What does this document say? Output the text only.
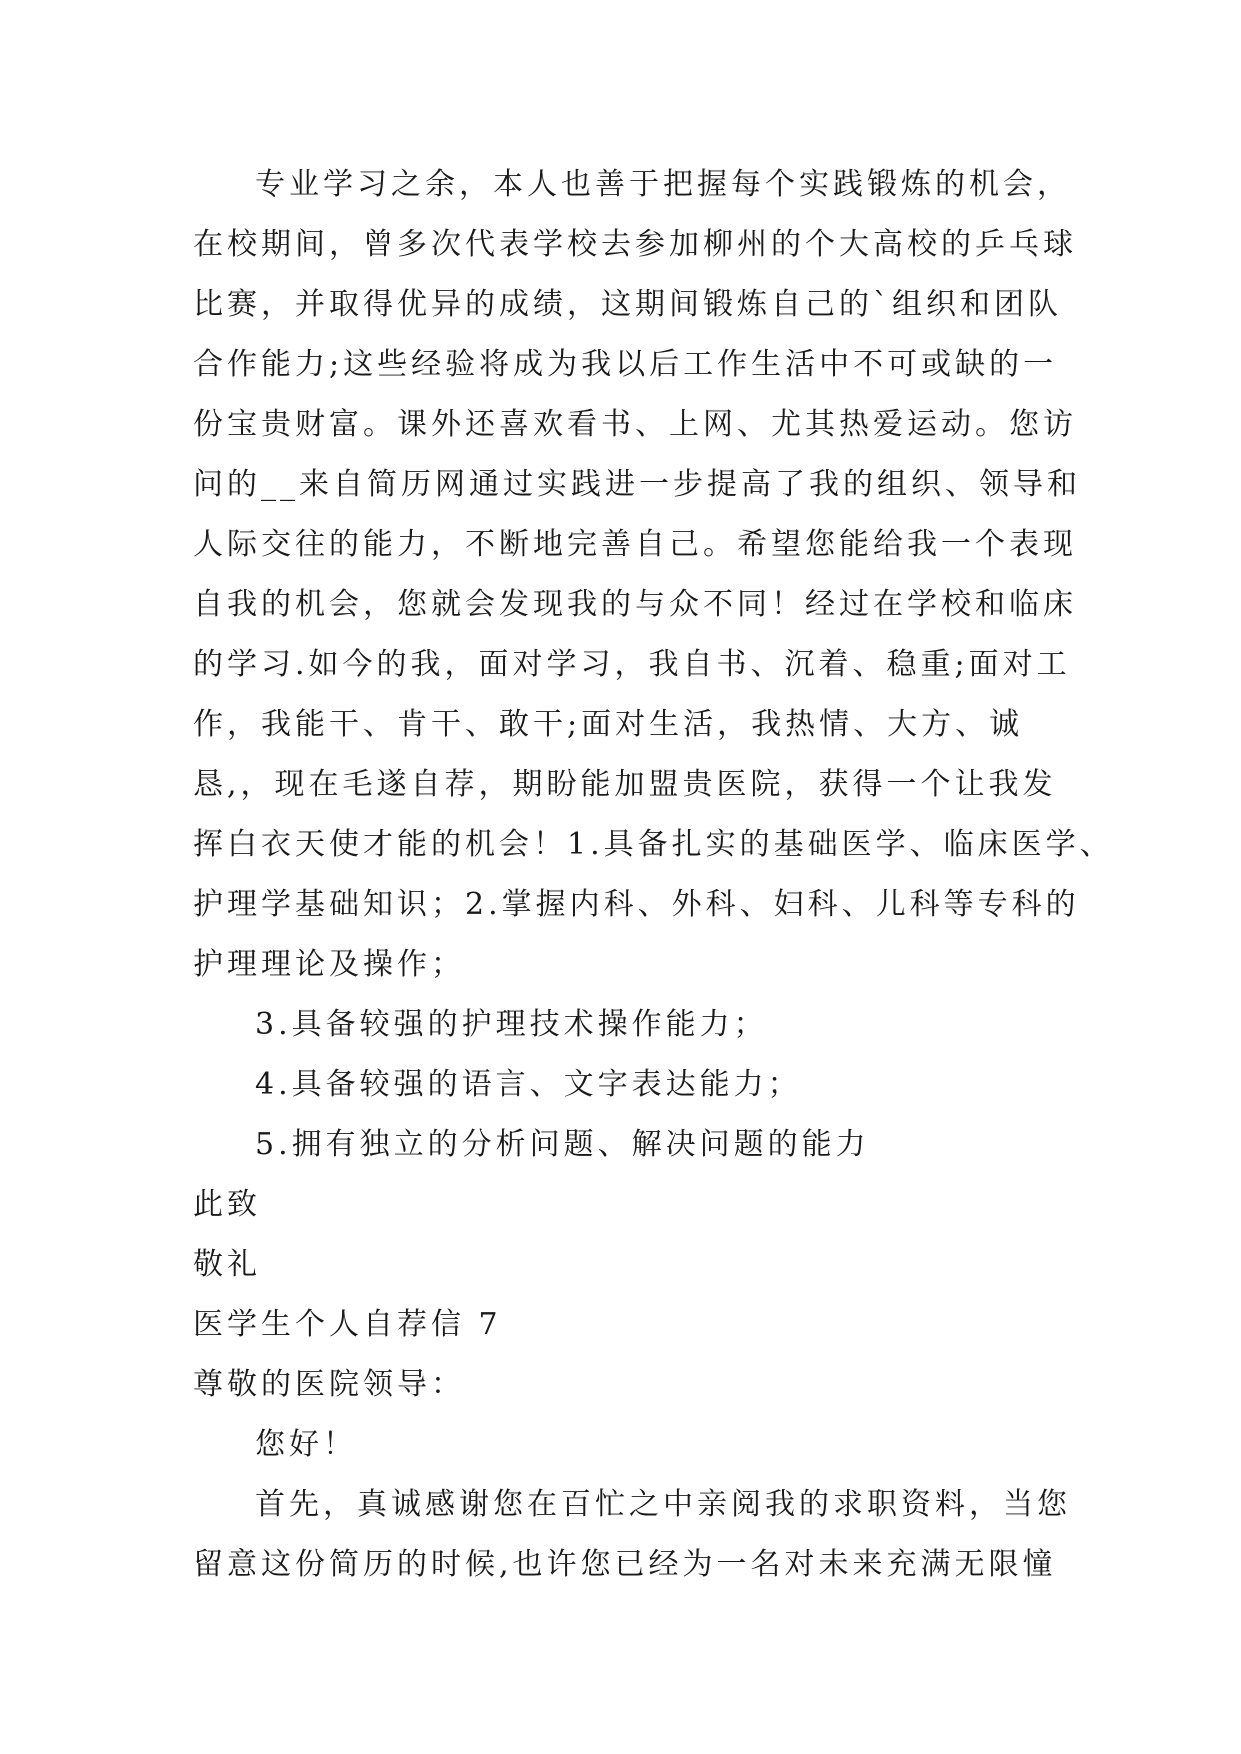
专业学习之余，本人也善于把握每个实践锻炼的机会，
在校期间，曾多次代表学校去参加柳州的个大高校的乒乓球
比赛，并取得优异的成绩，这期间锻炼自己的`组织和团队
合作能力;这些经验将成为我以后工作生活中不可或缺的一
份宝贵财富。课外还喜欢看书、上网、尤其热爱运动。您访
问的__来自简历网通过实践进一步提高了我的组织、领导和
人际交往的能力，不断地完善自己。希望您能给我一个表现
自我的机会，您就会发现我的与众不同！经过在学校和临床
的学习.如今的我，面对学习，我自书、沉着、稳重;面对工
作，我能干、肯干、敢干;面对生活，我热情、大方、诚
恳,，现在毛遂自荐，期盼能加盟贵医院，获得一个让我发
挥白衣天使才能的机会！1.具备扎实的基础医学、临床医学、
护理学基础知识；2.掌握内科、外科、妇科、儿科等专科的
护理理论及操作；
3.具备较强的护理技术操作能力；
4.具备较强的语言、文字表达能力；
5.拥有独立的分析问题、解决问题的能力
此致
敬礼
医学生个人自荐信 7
尊敬的医院领导：
您好！
首先，真诚感谢您在百忙之中亲阅我的求职资料，当您
留意这份简历的时候,也许您已经为一名对未来充满无限憧
